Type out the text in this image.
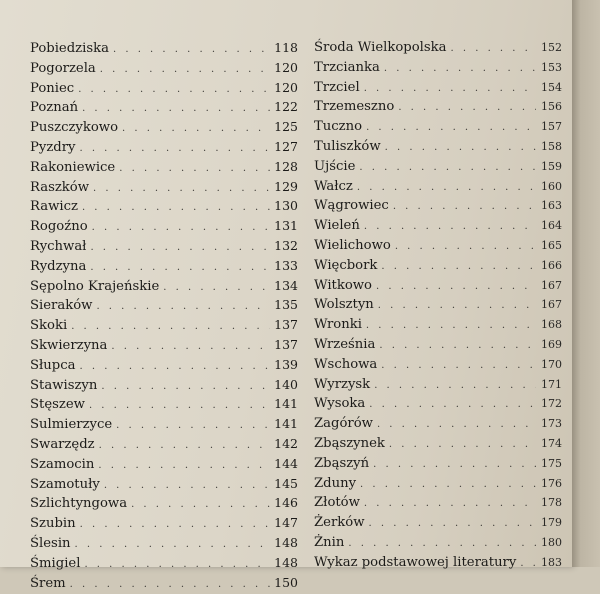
Pobiedziska . . .	118
Pogorzela . . .	120
Poniec . . .	120
Poznań . . .	122
Puszczykowo . . .	125
Pyzdry . . .	127
Rakoniewice . . .	128
Raszków . . .	129
Rawicz . . .	130
Rogoźno . . .	131
Rychwał . . .	132
Rydzyna . . .	133
Sępolno Krajeńskie . . .	134
Sieraków . . .	135
Skoki . . .	137
Skwierzyna . . .	137
Słupca . . .	139
Stawiszyn . . .	140
Stęszew . . .	141
Sulmierzyce . . .	141
Swarzędz . . .	142
Szamocin . . .	144
Szamotuły . . .	145
Szlichtyngowa . . .	146
Szubin . . .	147
Ślesin . . .	148
Śmigiel . . .	148
Śrem . . .	150
Środa Wielkopolska . . .	152
Trzcianka . . .	153
Trzciel . . .	154
Trzemeszno . . .	156
Tuczno . . .	157
Tuliszków . . .	158
Ujście . . .	159
Wałcz . . .	160
Wągrowiec . . .	163
Wieleń . . .	164
Wielichowo . . .	165
Więcbork . . .	166
Witkowo . . .	167
Wolsztyn . . .	167
Wronki . . .	168
Września . . .	169
Wschowa . . .	170
Wyrzysk . . .	171
Wysoka . . .	172
Zagórów . . .	173
Zbąszynek . . .	174
Zbąszyń . . .	175
Zduny . . .	176
Złotów . . .	178
Żerków . . .	179
Żnin . . .	180
Wykaz podstawowej literatury . . . 183
